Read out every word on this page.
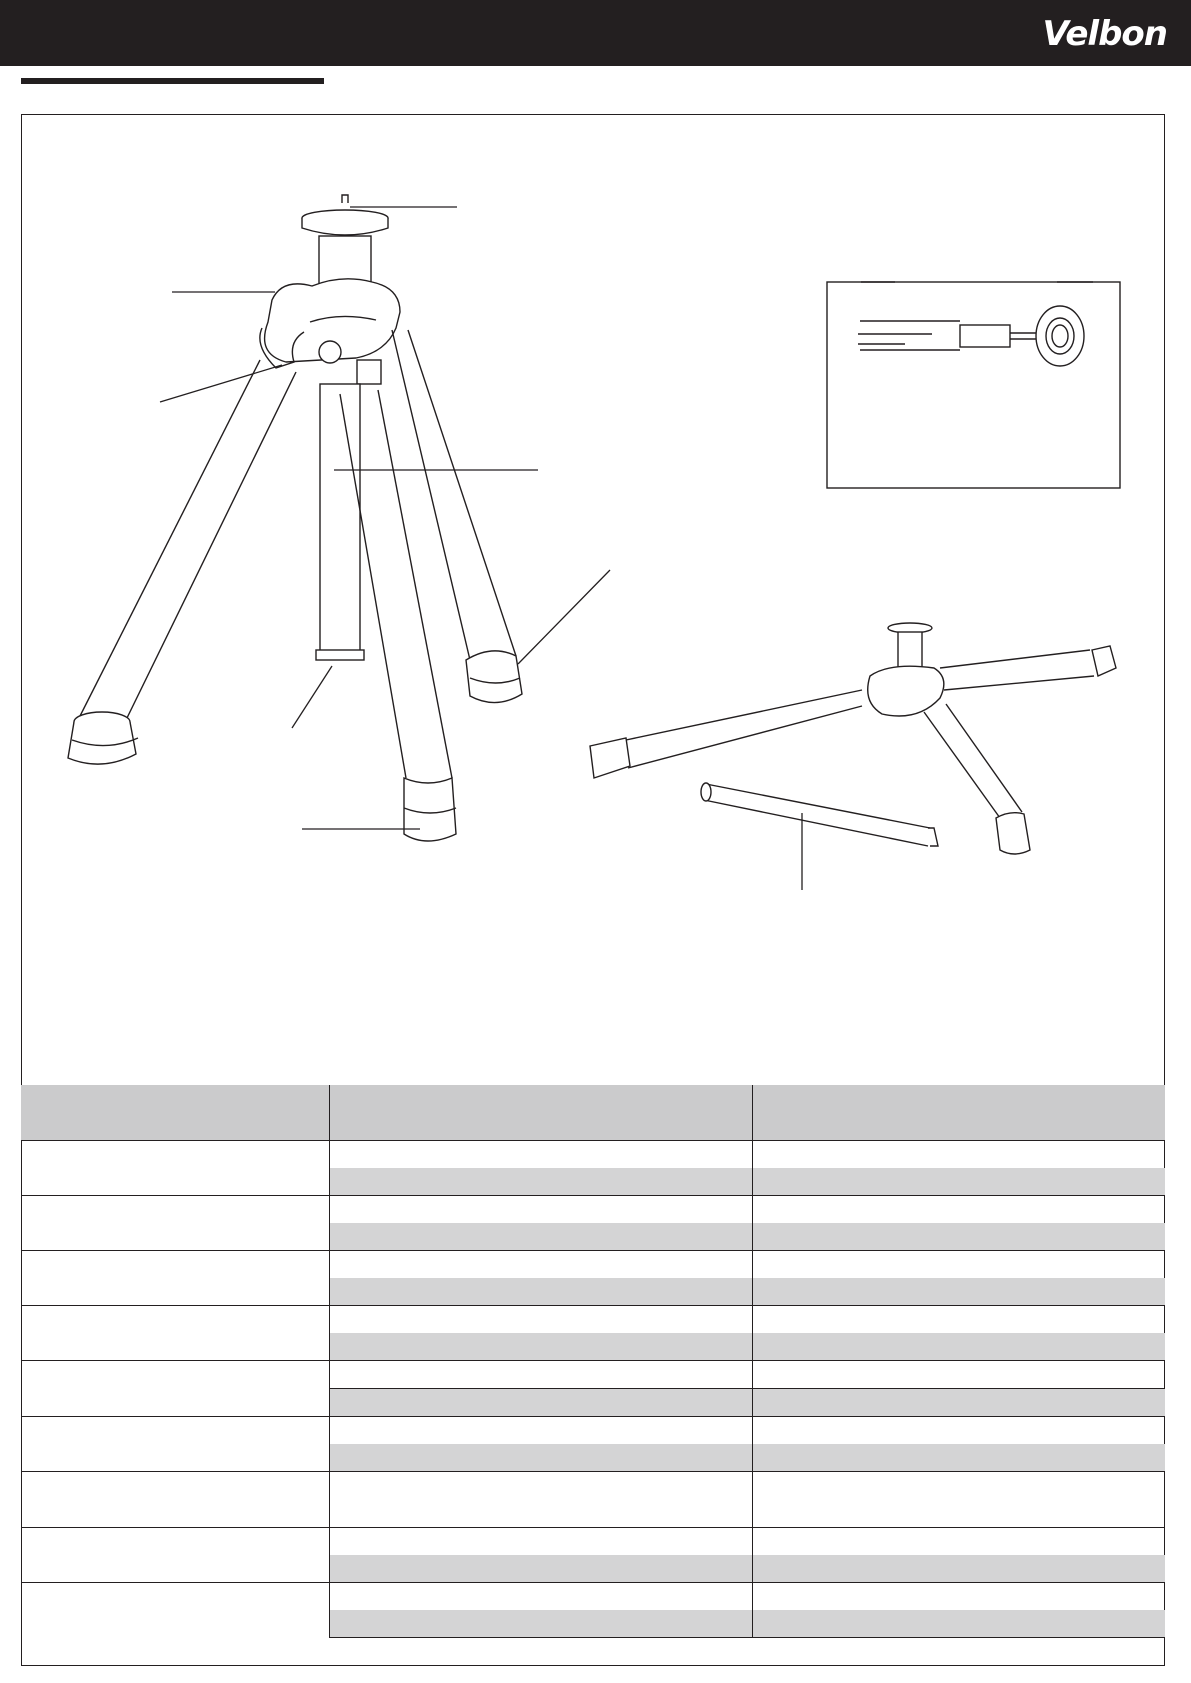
Velbon
